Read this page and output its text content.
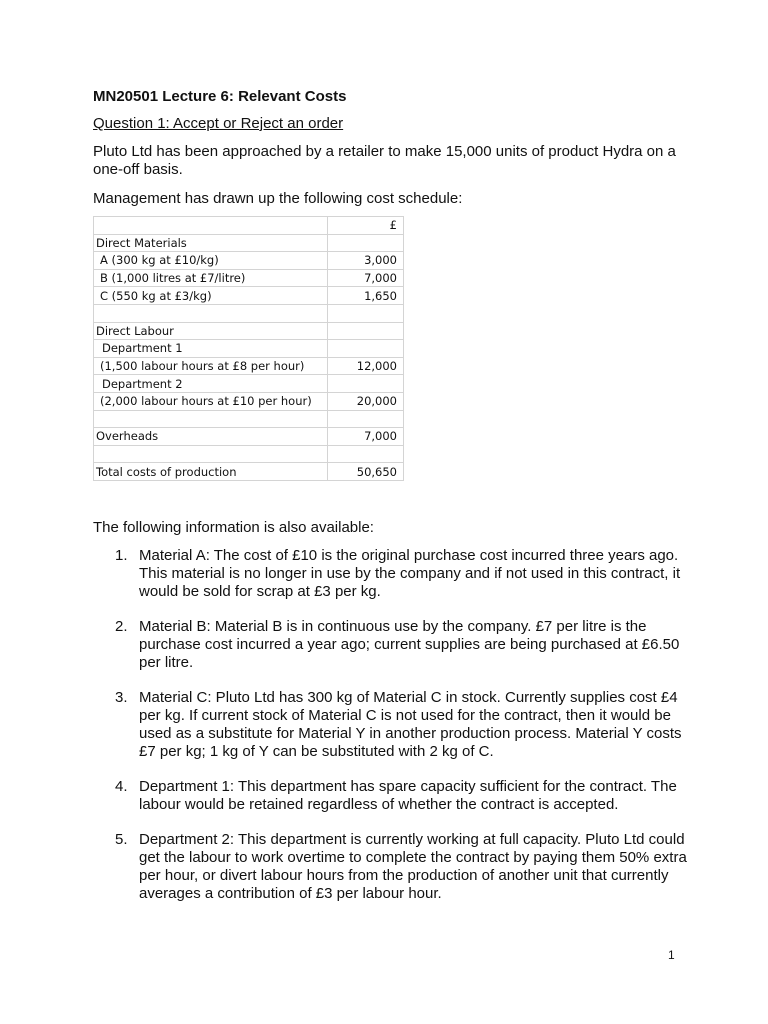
MN20501 Lecture 6: Relevant Costs

Question 1: Accept or Reject an order

Pluto Ltd has been approached by a retailer to make 15,000 units of product Hydra on a one-off basis.

Management has drawn up the following cost schedule:

	£
Direct Materials	
A (300 kg at £10/kg)	3,000
B (1,000 litres at £7/litre)	7,000
C (550 kg at £3/kg)	1,650

Direct Labour	
Department 1	
(1,500 labour hours at £8 per hour)	12,000
Department 2	
(2,000 labour hours at £10 per hour)	20,000

Overheads	7,000

Total costs of production	50,650

The following information is also available:

1. Material A: The cost of £10 is the original purchase cost incurred three years ago. This material is no longer in use by the company and if not used in this contract, it would be sold for scrap at £3 per kg.
2. Material B: Material B is in continuous use by the company. £7 per litre is the purchase cost incurred a year ago; current supplies are being purchased at £6.50 per litre.
3. Material C: Pluto Ltd has 300 kg of Material C in stock. Currently supplies cost £4 per kg. If current stock of Material C is not used for the contract, then it would be used as a substitute for Material Y in another production process. Material Y costs £7 per kg; 1 kg of Y can be substituted with 2 kg of C.
4. Department 1: This department has spare capacity sufficient for the contract. The labour would be retained regardless of whether the contract is accepted.
5. Department 2: This department is currently working at full capacity. Pluto Ltd could get the labour to work overtime to complete the contract by paying them 50% extra per hour, or divert labour hours from the production of another unit that currently averages a contribution of £3 per labour hour.
1
